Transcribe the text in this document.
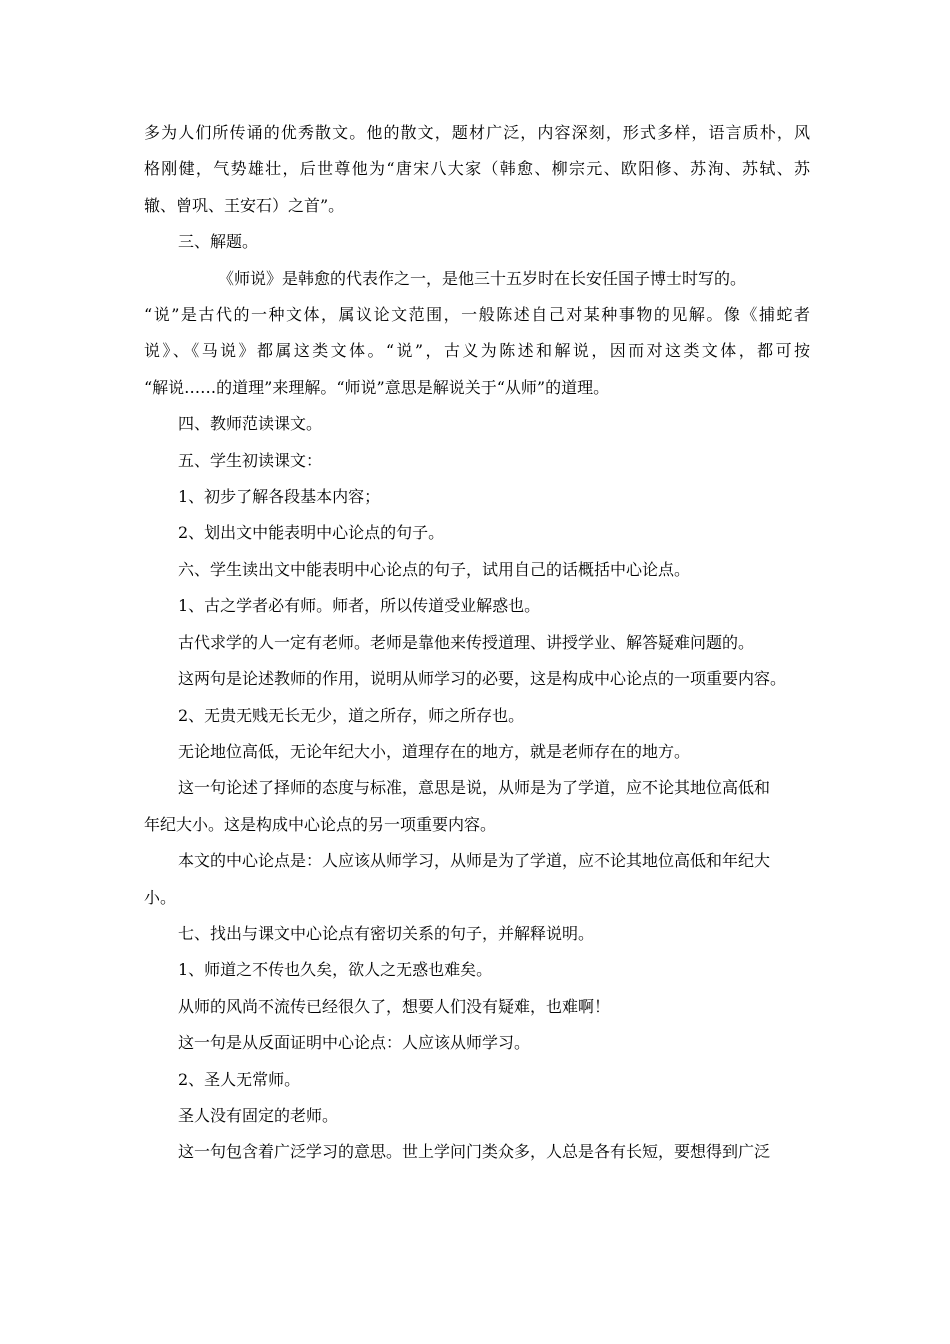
多为人们所传诵的优秀散文。他的散文，题材广泛，内容深刻，形式多样，语言质朴，风

格刚健，气势雄壮，后世尊他为“唐宋八大家（韩愈、柳宗元、欧阳修、苏洵、苏轼、苏

辙、曾巩、王安石）之首”。

三、解题。

《师说》是韩愈的代表作之一，是他三十五岁时在长安任国子博士时写的。

“说”是古代的一种文体，属议论文范围，一般陈述自己对某种事物的见解。像《捕蛇者

说》、《马说》都属这类文体。“说”，古义为陈述和解说，因而对这类文体，都可按

“解说……的道理”来理解。“师说”意思是解说关于“从师”的道理。

四、教师范读课文。

五、学生初读课文：

1、初步了解各段基本内容；

2、划出文中能表明中心论点的句子。

六、学生读出文中能表明中心论点的句子，试用自己的话概括中心论点。

1、古之学者必有师。师者，所以传道受业解惑也。

古代求学的人一定有老师。老师是靠他来传授道理、讲授学业、解答疑难问题的。

这两句是论述教师的作用，说明从师学习的必要，这是构成中心论点的一项重要内容。

2、无贵无贱无长无少，道之所存，师之所存也。

无论地位高低，无论年纪大小，道理存在的地方，就是老师存在的地方。

这一句论述了择师的态度与标准，意思是说，从师是为了学道，应不论其地位高低和

年纪大小。这是构成中心论点的另一项重要内容。

本文的中心论点是：人应该从师学习，从师是为了学道，应不论其地位高低和年纪大

小。

七、找出与课文中心论点有密切关系的句子，并解释说明。

1、师道之不传也久矣，欲人之无惑也难矣。

从师的风尚不流传已经很久了，想要人们没有疑难，也难啊！

这一句是从反面证明中心论点：人应该从师学习。

2、圣人无常师。

圣人没有固定的老师。

这一句包含着广泛学习的意思。世上学问门类众多，人总是各有长短，要想得到广泛
